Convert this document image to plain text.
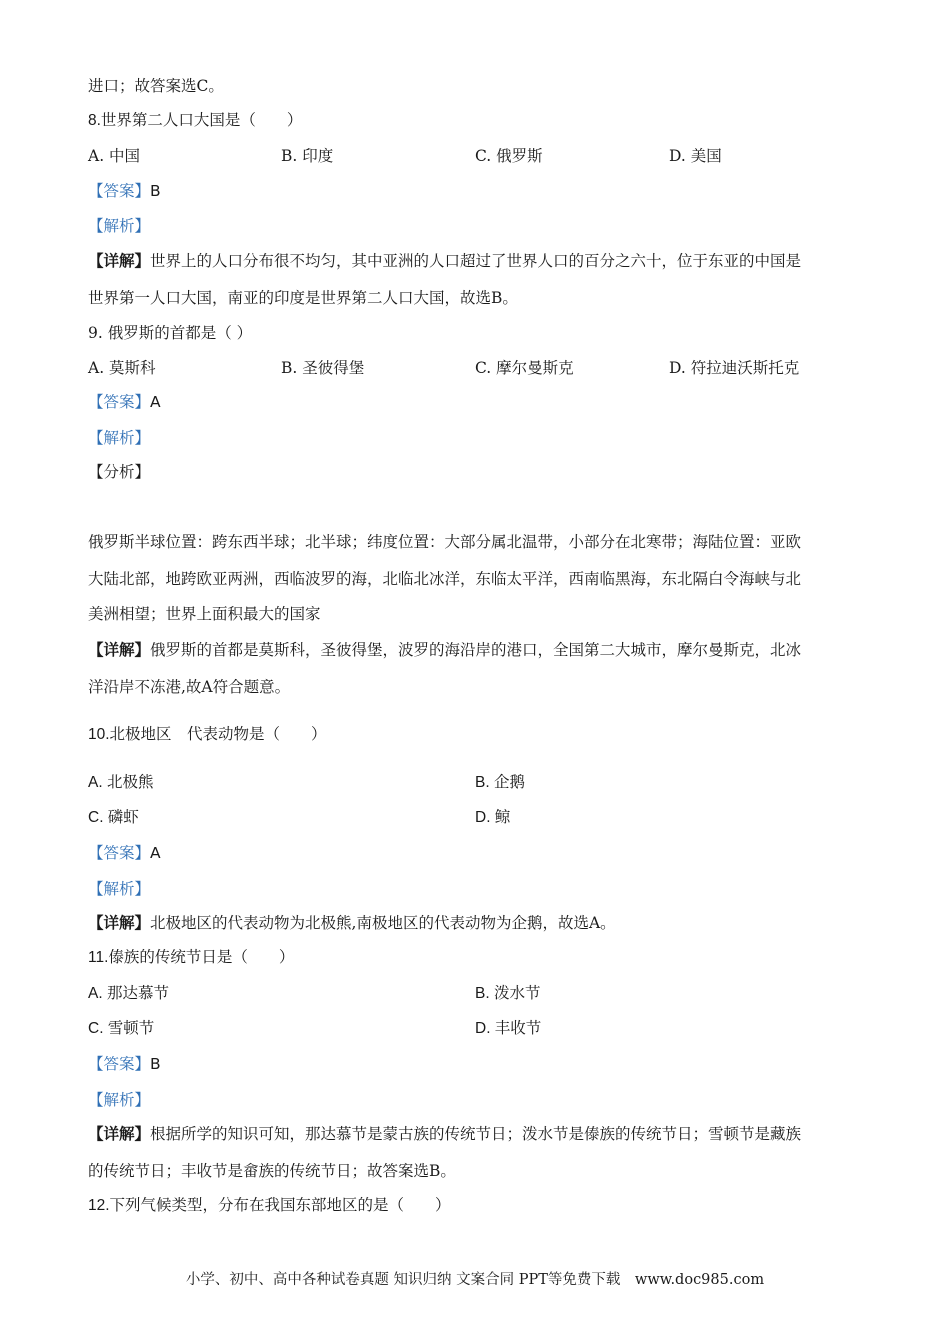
进口；故答案选C。
8.世界第二人口大国是（　　）
A. 中国	B. 印度	C. 俄罗斯	D. 美国
【答案】B
【解析】
【详解】世界上的人口分布很不均匀，其中亚洲的人口超过了世界人口的百分之六十，位于东亚的中国是
世界第一人口大国，南亚的印度是世界第二人口大国，故选B。
9. 俄罗斯的首都是（ ）
A. 莫斯科	B. 圣彼得堡	C. 摩尔曼斯克	D. 符拉迪沃斯托克
【答案】A
【解析】
【分析】
俄罗斯半球位置：跨东西半球；北半球；纬度位置：大部分属北温带，小部分在北寒带；海陆位置：亚欧
大陆北部，地跨欧亚两洲，西临波罗的海，北临北冰洋，东临太平洋，西南临黑海，东北隔白令海峡与北
美洲相望；世界上面积最大的国家
【详解】俄罗斯的首都是莫斯科，圣彼得堡，波罗的海沿岸的港口，全国第二大城市，摩尔曼斯克，北冰
洋沿岸不冻港,故A符合题意。
10.北极地区　代表动物是（　　）
A. 北极熊	B. 企鹅
C. 磷虾	D. 鲸
【答案】A
【解析】
【详解】北极地区的代表动物为北极熊,南极地区的代表动物为企鹅，故选A。
11.傣族的传统节日是（　　）
A. 那达慕节	B. 泼水节
C. 雪顿节	D. 丰收节
【答案】B
【解析】
【详解】根据所学的知识可知，那达慕节是蒙古族的传统节日；泼水节是傣族的传统节日；雪顿节是藏族
的传统节日；丰收节是畲族的传统节日；故答案选B。
12.下列气候类型，分布在我国东部地区的是（　　）
小学、初中、高中各种试卷真题 知识归纳 文案合同 PPT等免费下载　www.doc985.com
